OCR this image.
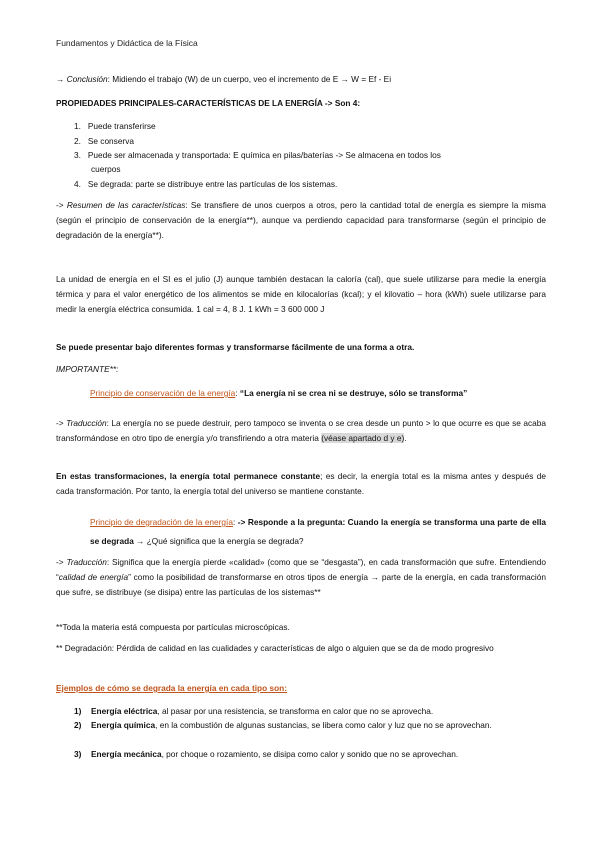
Fundamentos y Didáctica de la Física

→ Conclusión: Midiendo el trabajo (W) de un cuerpo, veo el incremento de E → W = Ef - Ei

PROPIEDADES PRINCIPALES-CARACTERÍSTICAS DE LA ENERGÍA -> Son 4:

1. Puede transferirse
2. Se conserva
3. Puede ser almacenada y transportada: E química en pilas/baterías -> Se almacena en todos los
cuerpos
4. Se degrada: parte se distribuye entre las partículas de los sistemas.

-> Resumen de las características: Se transfiere de unos cuerpos a otros, pero la cantidad total de energía es siempre la misma (según el principio de conservación de la energía**), aunque va perdiendo capacidad para transformarse (según el principio de degradación de la energía**).

La unidad de energía en el SI es el julio (J) aunque también destacan la caloría (cal), que suele utilizarse para medie la energía térmica y para el valor energético de los alimentos se mide en kilocalorías (kcal); y el kilovatio – hora (kWh) suele utilizarse para medir la energía eléctrica consumida. 1 cal = 4, 8 J. 1 kWh = 3 600 000 J

Se puede presentar bajo diferentes formas y transformarse fácilmente de una forma a otra.

IMPORTANTE**:

Principio de conservación de la energía: “La energía ni se crea ni se destruye, sólo se transforma”

-> Traducción: La energía no se puede destruir, pero tampoco se inventa o se crea desde un punto > lo que ocurre es que se acaba transformándose en otro tipo de energía y/o transfiriendo a otra materia (véase apartado d y e).

En estas transformaciones, la energía total permanece constante; es decir, la energía total es la misma antes y después de cada transformación. Por tanto, la energía total del universo se mantiene constante.

Principio de degradación de la energía: -> Responde a la pregunta: Cuando la energía se transforma una parte de ella se degrada → ¿Qué significa que la energía se degrada?

-> Traducción: Significa que la energía pierde «calidad» (como que se “desgasta”), en cada transformación que sufre. Entendiendo “calidad de energía” como la posibilidad de transformarse en otros tipos de energía → parte de la energía, en cada transformación que sufre, se distribuye (se disipa) entre las partículas de los sistemas**

**Toda la materia está compuesta por partículas microscópicas.

** Degradación: Pérdida de calidad en las cualidades y características de algo o alguien que se da de modo progresivo

Ejemplos de cómo se degrada la energía en cada tipo son:

1)	Energía eléctrica, al pasar por una resistencia, se transforma en calor que no se aprovecha.
2)	Energía química, en la combustión de algunas sustancias, se libera como calor y luz que no se aprovechan.
3)	Energía mecánica, por choque o rozamiento, se disipa como calor y sonido que no se aprovechan.
